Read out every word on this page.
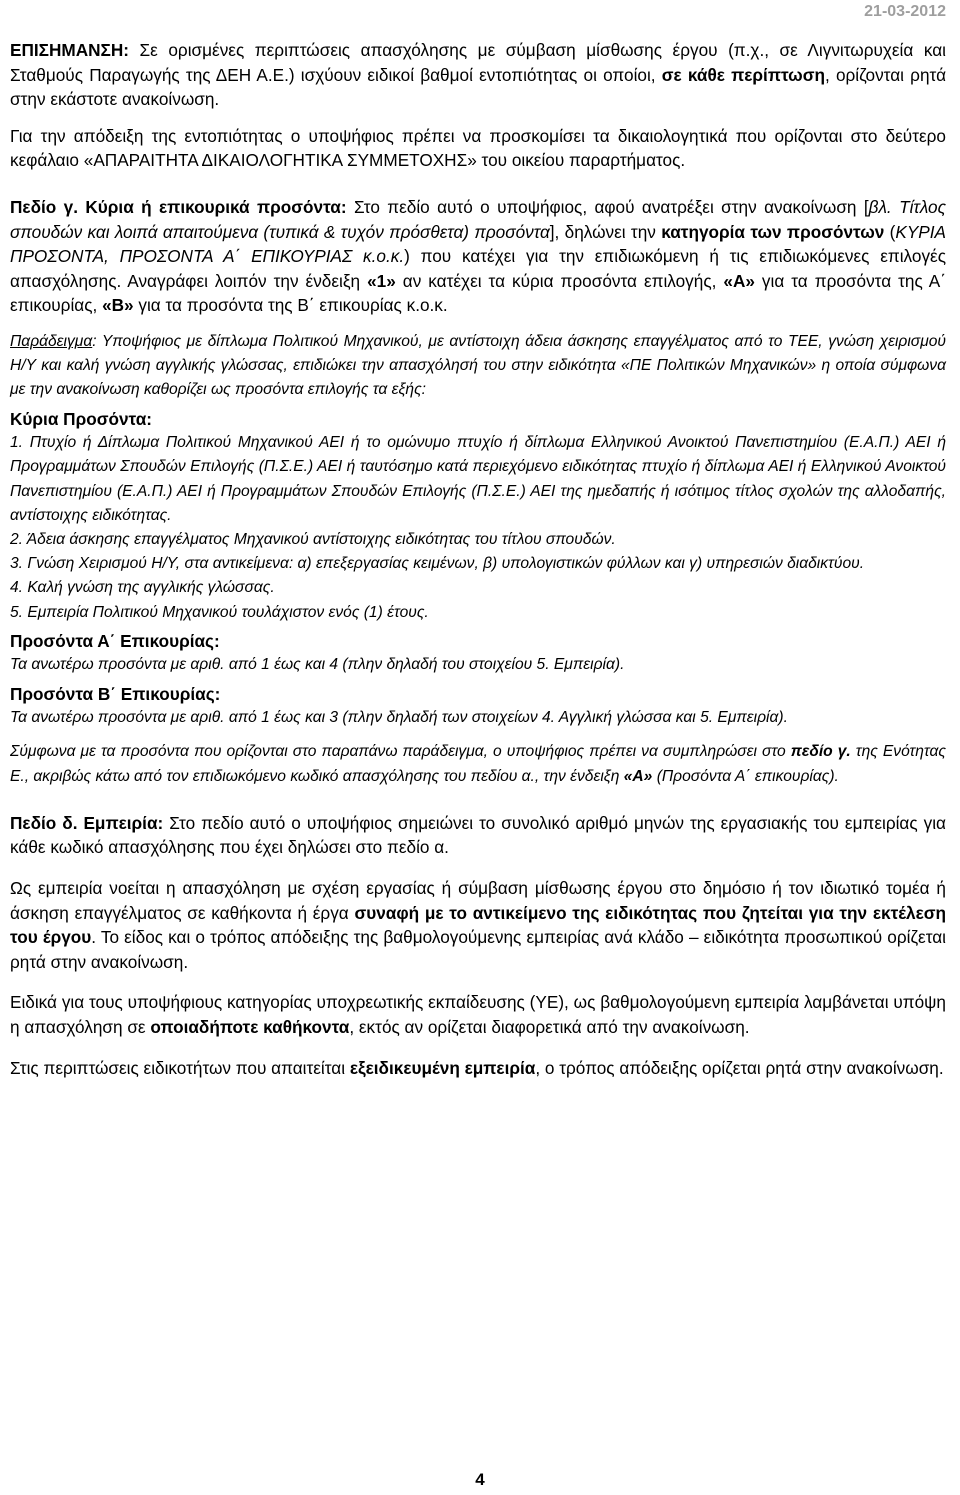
21-03-2012

ΕΠΙΣΗΜΑΝΣΗ: Σε ορισμένες περιπτώσεις απασχόλησης με σύμβαση μίσθωσης έργου (π.χ., σε Λιγνιτωρυχεία και Σταθμούς Παραγωγής της ΔΕΗ Α.Ε.) ισχύουν ειδικοί βαθμοί εντοπιότητας οι οποίοι, σε κάθε περίπτωση, ορίζονται ρητά στην εκάστοτε ανακοίνωση.

Για την απόδειξη της εντοπιότητας ο υποψήφιος πρέπει να προσκομίσει τα δικαιολογητικά που ορίζονται στο δεύτερο κεφάλαιο «ΑΠΑΡΑΙΤΗΤΑ ΔΙΚΑΙΟΛΟΓΗΤΙΚΑ ΣΥΜΜΕΤΟΧΗΣ» του οικείου παραρτήματος.

Πεδίο γ. Κύρια ή επικουρικά προσόντα: Στο πεδίο αυτό ο υποψήφιος, αφού ανατρέξει στην ανακοίνωση [βλ. Τίτλος σπουδών και λοιπά απαιτούμενα (τυπικά & τυχόν πρόσθετα) προσόντα], δηλώνει την κατηγορία των προσόντων (ΚΥΡΙΑ ΠΡΟΣΟΝΤΑ, ΠΡΟΣΟΝΤΑ Α΄ ΕΠΙΚΟΥΡΙΑΣ κ.ο.κ.) που κατέχει για την επιδιωκόμενη ή τις επιδιωκόμενες επιλογές απασχόλησης. Αναγράφει λοιπόν την ένδειξη «1» αν κατέχει τα κύρια προσόντα επιλογής, «Α» για τα προσόντα της Α΄ επικουρίας, «Β» για τα προσόντα της Β΄ επικουρίας κ.ο.κ.

Παράδειγμα: Υποψήφιος με δίπλωμα Πολιτικού Μηχανικού, με αντίστοιχη άδεια άσκησης επαγγέλματος από το ΤΕΕ, γνώση χειρισμού Η/Υ και καλή γνώση αγγλικής γλώσσας, επιδιώκει την απασχόλησή του στην ειδικότητα «ΠΕ Πολιτικών Μηχανικών» η οποία σύμφωνα με την ανακοίνωση καθορίζει ως προσόντα επιλογής τα εξής:

Κύρια Προσόντα:

1. Πτυχίο ή Δίπλωμα Πολιτικού Μηχανικού ΑΕΙ ή το ομώνυμο πτυχίο ή δίπλωμα Ελληνικού Ανοικτού Πανεπιστημίου (Ε.Α.Π.) ΑΕΙ ή Προγραμμάτων Σπουδών Επιλογής (Π.Σ.Ε.) ΑΕΙ ή ταυτόσημο κατά περιεχόμενο ειδικότητας πτυχίο ή δίπλωμα ΑΕΙ ή Ελληνικού Ανοικτού Πανεπιστημίου (Ε.Α.Π.) ΑΕΙ ή Προγραμμάτων Σπουδών Επιλογής (Π.Σ.Ε.) ΑΕΙ της ημεδαπής ή ισότιμος τίτλος σχολών της αλλοδαπής, αντίστοιχης ειδικότητας.

2. Άδεια άσκησης επαγγέλματος Μηχανικού αντίστοιχης ειδικότητας του τίτλου σπουδών.

3. Γνώση Χειρισμού Η/Υ, στα αντικείμενα: α) επεξεργασίας κειμένων, β) υπολογιστικών φύλλων και γ) υπηρεσιών διαδικτύου.

4. Καλή γνώση της αγγλικής γλώσσας.

5. Εμπειρία Πολιτικού Μηχανικού τουλάχιστον ενός (1) έτους.

Προσόντα Α΄ Επικουρίας:

Τα ανωτέρω προσόντα με αριθ. από 1 έως και 4 (πλην δηλαδή του στοιχείου 5. Εμπειρία).

Προσόντα Β΄ Επικουρίας:

Τα ανωτέρω προσόντα με αριθ. από 1 έως και 3 (πλην δηλαδή των στοιχείων 4. Αγγλική γλώσσα και 5. Εμπειρία).

Σύμφωνα με τα προσόντα που ορίζονται στο παραπάνω παράδειγμα, ο υποψήφιος πρέπει να συμπληρώσει στο πεδίο γ. της Ενότητας Ε., ακριβώς κάτω από τον επιδιωκόμενο κωδικό απασχόλησης του πεδίου α., την ένδειξη «Α» (Προσόντα Α΄ επικουρίας).

Πεδίο δ. Εμπειρία: Στο πεδίο αυτό ο υποψήφιος σημειώνει το συνολικό αριθμό μηνών της εργασιακής του εμπειρίας για κάθε κωδικό απασχόλησης που έχει δηλώσει στο πεδίο α.

Ως εμπειρία νοείται η απασχόληση με σχέση εργασίας ή σύμβαση μίσθωσης έργου στο δημόσιο ή τον ιδιωτικό τομέα ή άσκηση επαγγέλματος σε καθήκοντα ή έργα συναφή με το αντικείμενο της ειδικότητας που ζητείται για την εκτέλεση του έργου. Το είδος και ο τρόπος απόδειξης της βαθμολογούμενης εμπειρίας ανά κλάδο – ειδικότητα προσωπικού ορίζεται ρητά στην ανακοίνωση.

Ειδικά για τους υποψήφιους κατηγορίας υποχρεωτικής εκπαίδευσης (ΥΕ), ως βαθμολογούμενη εμπειρία λαμβάνεται υπόψη η απασχόληση σε οποιαδήποτε καθήκοντα, εκτός αν ορίζεται διαφορετικά από την ανακοίνωση.

Στις περιπτώσεις ειδικοτήτων που απαιτείται εξειδικευμένη εμπειρία, ο τρόπος απόδειξης ορίζεται ρητά στην ανακοίνωση.

4
